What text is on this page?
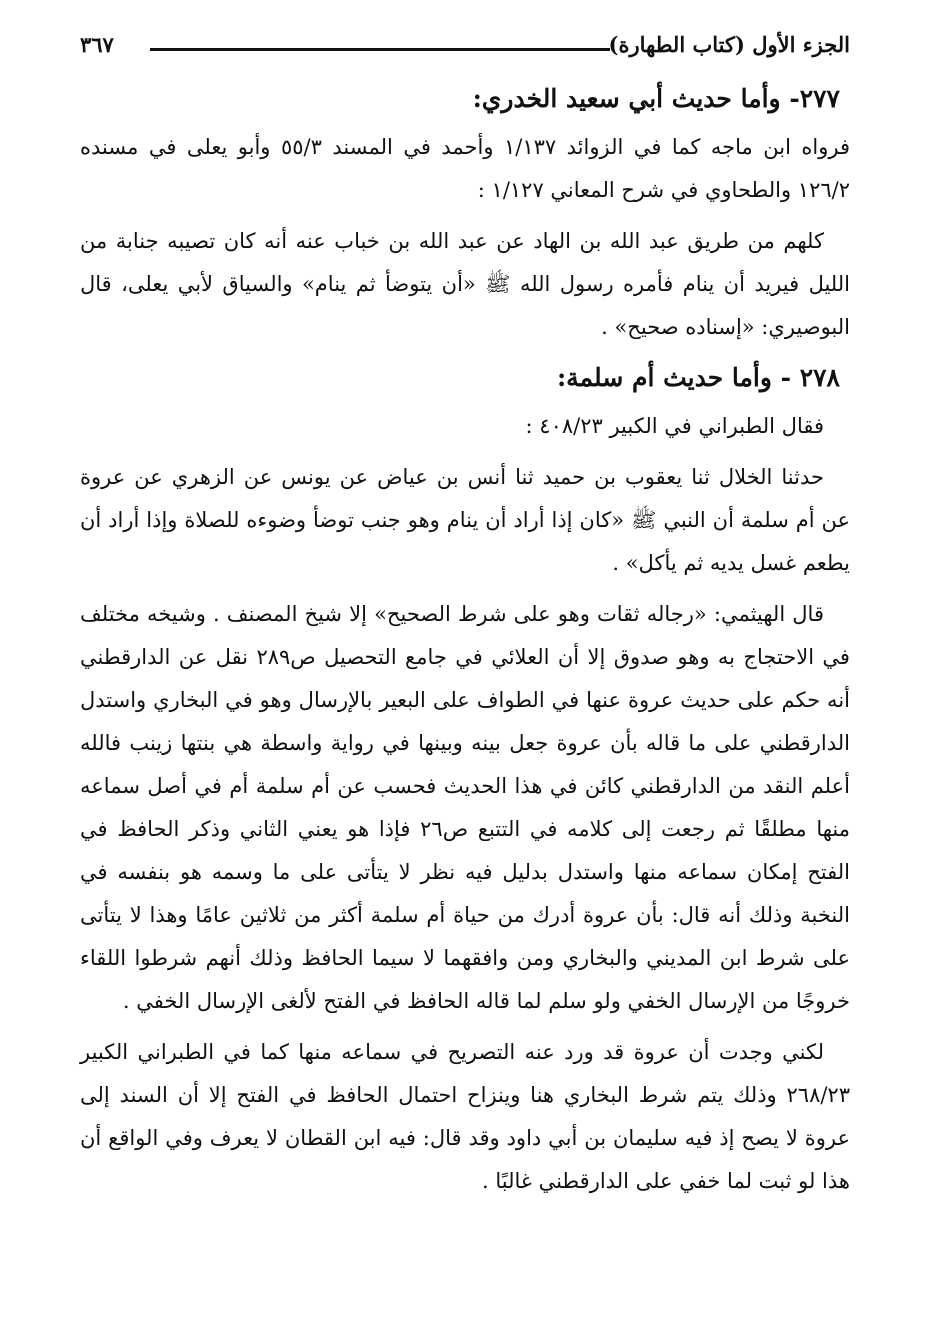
الجزء الأول (كتاب الطهارة)
٣٦٧
٢٧٧- وأما حديث أبي سعيد الخدري:

فرواه ابن ماجه كما في الزوائد ١/١٣٧ وأحمد في المسند ٥٥/٣ وأبو يعلى في مسنده ١٢٦/٢ والطحاوي في شرح المعاني ١/١٢٧ :

كلهم من طريق عبد الله بن الهاد عن عبد الله بن خباب عنه أنه كان تصيبه جنابة من الليل فيريد أن ينام فأمره رسول الله ﷺ «أن يتوضأ ثم ينام» والسياق لأبي يعلى، قال البوصيري: «إسناده صحيح» .

٢٧٨ - وأما حديث أم سلمة:

فقال الطبراني في الكبير ٤٠٨/٢٣ :

حدثنا الخلال ثنا يعقوب بن حميد ثنا أنس بن عياض عن يونس عن الزهري عن عروة عن أم سلمة أن النبي ﷺ «كان إذا أراد أن ينام وهو جنب توضأ وضوءه للصلاة وإذا أراد أن يطعم غسل يديه ثم يأكل» .

قال الهيثمي: «رجاله ثقات وهو على شرط الصحيح» إلا شيخ المصنف . وشيخه مختلف في الاحتجاج به وهو صدوق إلا أن العلائي في جامع التحصيل ص٢٨٩ نقل عن الدارقطني أنه حكم على حديث عروة عنها في الطواف على البعير بالإرسال وهو في البخاري واستدل الدارقطني على ما قاله بأن عروة جعل بينه وبينها في رواية واسطة هي بنتها زينب فالله أعلم النقد من الدارقطني كائن في هذا الحديث فحسب عن أم سلمة أم في أصل سماعه منها مطلقًا ثم رجعت إلى كلامه في التتبع ص٢٦ فإذا هو يعني الثاني وذكر الحافظ في الفتح إمكان سماعه منها واستدل بدليل فيه نظر لا يتأتى على ما وسمه هو بنفسه في النخبة وذلك أنه قال: بأن عروة أدرك من حياة أم سلمة أكثر من ثلاثين عامًا وهذا لا يتأتى على شرط ابن المديني والبخاري ومن وافقهما لا سيما الحافظ وذلك أنهم شرطوا اللقاء خروجًا من الإرسال الخفي ولو سلم لما قاله الحافظ في الفتح لألغى الإرسال الخفي .

لكني وجدت أن عروة قد ورد عنه التصريح في سماعه منها كما في الطبراني الكبير ٢٦٨/٢٣ وذلك يتم شرط البخاري هنا وينزاح احتمال الحافظ في الفتح إلا أن السند إلى عروة لا يصح إذ فيه سليمان بن أبي داود وقد قال: فيه ابن القطان لا يعرف وفي الواقع أن هذا لو ثبت لما خفي على الدارقطني غالبًا .
